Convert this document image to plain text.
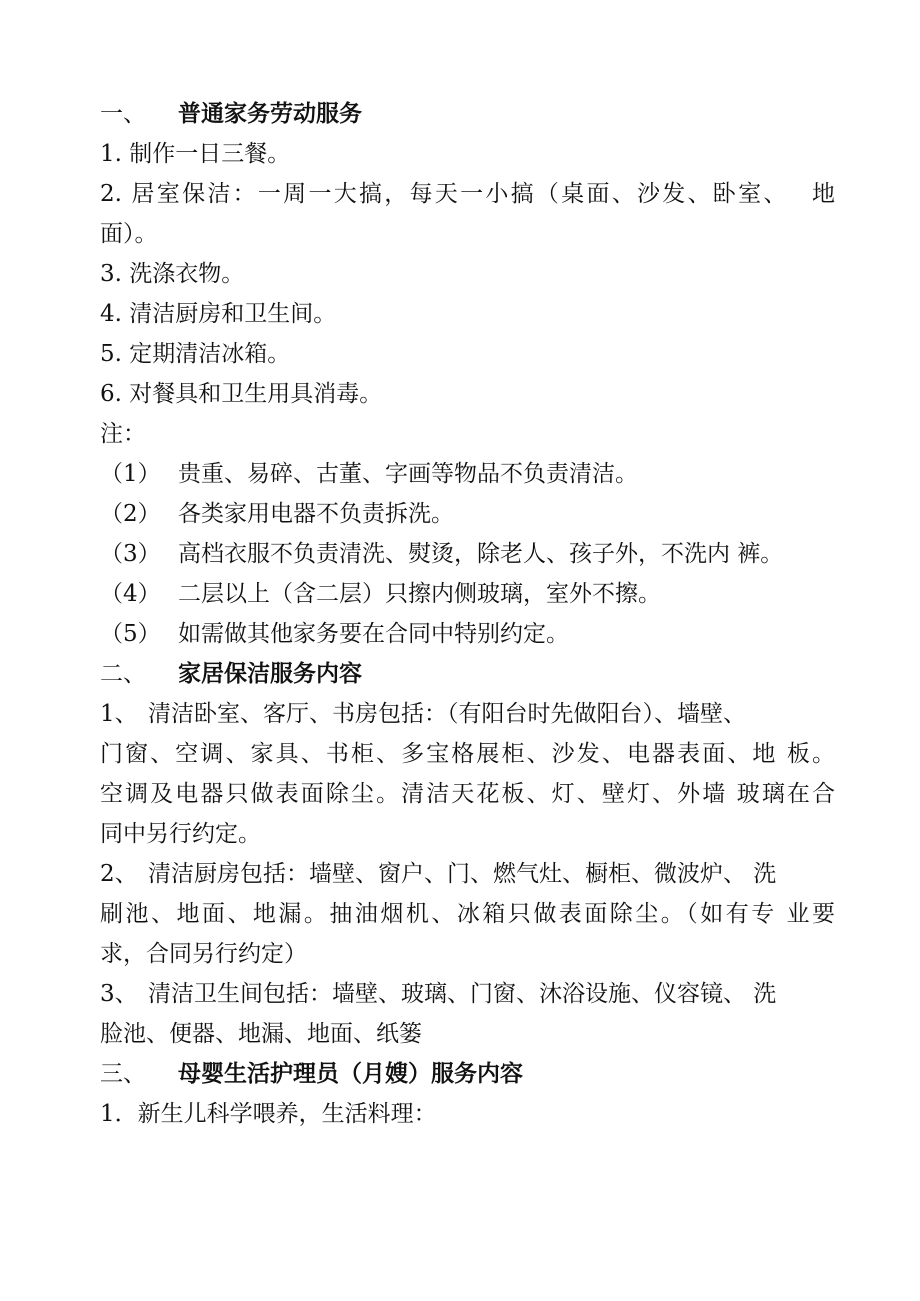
一、 普通家务劳动服务
1. 制作一日三餐。
2. 居室保洁：一周一大搞，每天一小搞（桌面、沙发、卧室、　 地
面）。
3. 洗涤衣物。
4. 清洁厨房和卫生间。
5. 定期清洁冰箱。
6. 对餐具和卫生用具消毒。
注：
（1） 贵重、易碎、古董、字画等物品不负责清洁。
（2） 各类家用电器不负责拆洗。
（3） 高档衣服不负责清洗、熨烫，除老人、孩子外，不洗内 裤。
（4） 二层以上（含二层）只擦内侧玻璃，室外不擦。
（5） 如需做其他家务要在合同中特别约定。
二、 家居保洁服务内容
1、 清洁卧室、客厅、书房包括：（有阳台时先做阳台）、墙壁、
门窗、空调、家具、书柜、多宝格展柜、沙发、电器表面、地 板。
空调及电器只做表面除尘。清洁天花板、灯、壁灯、外墙 玻璃在合
同中另行约定。
2、 清洁厨房包括：墙壁、窗户、门、燃气灶、橱柜、微波炉、 洗
刷池、地面、地漏。抽油烟机、冰箱只做表面除尘。（如有专 业要
求，合同另行约定）
3、 清洁卫生间包括：墙壁、玻璃、门窗、沐浴设施、仪容镜、 洗
脸池、便器、地漏、地面、纸篓
三、 母婴生活护理员（月嫂）服务内容
1．新生儿科学喂养，生活料理：
